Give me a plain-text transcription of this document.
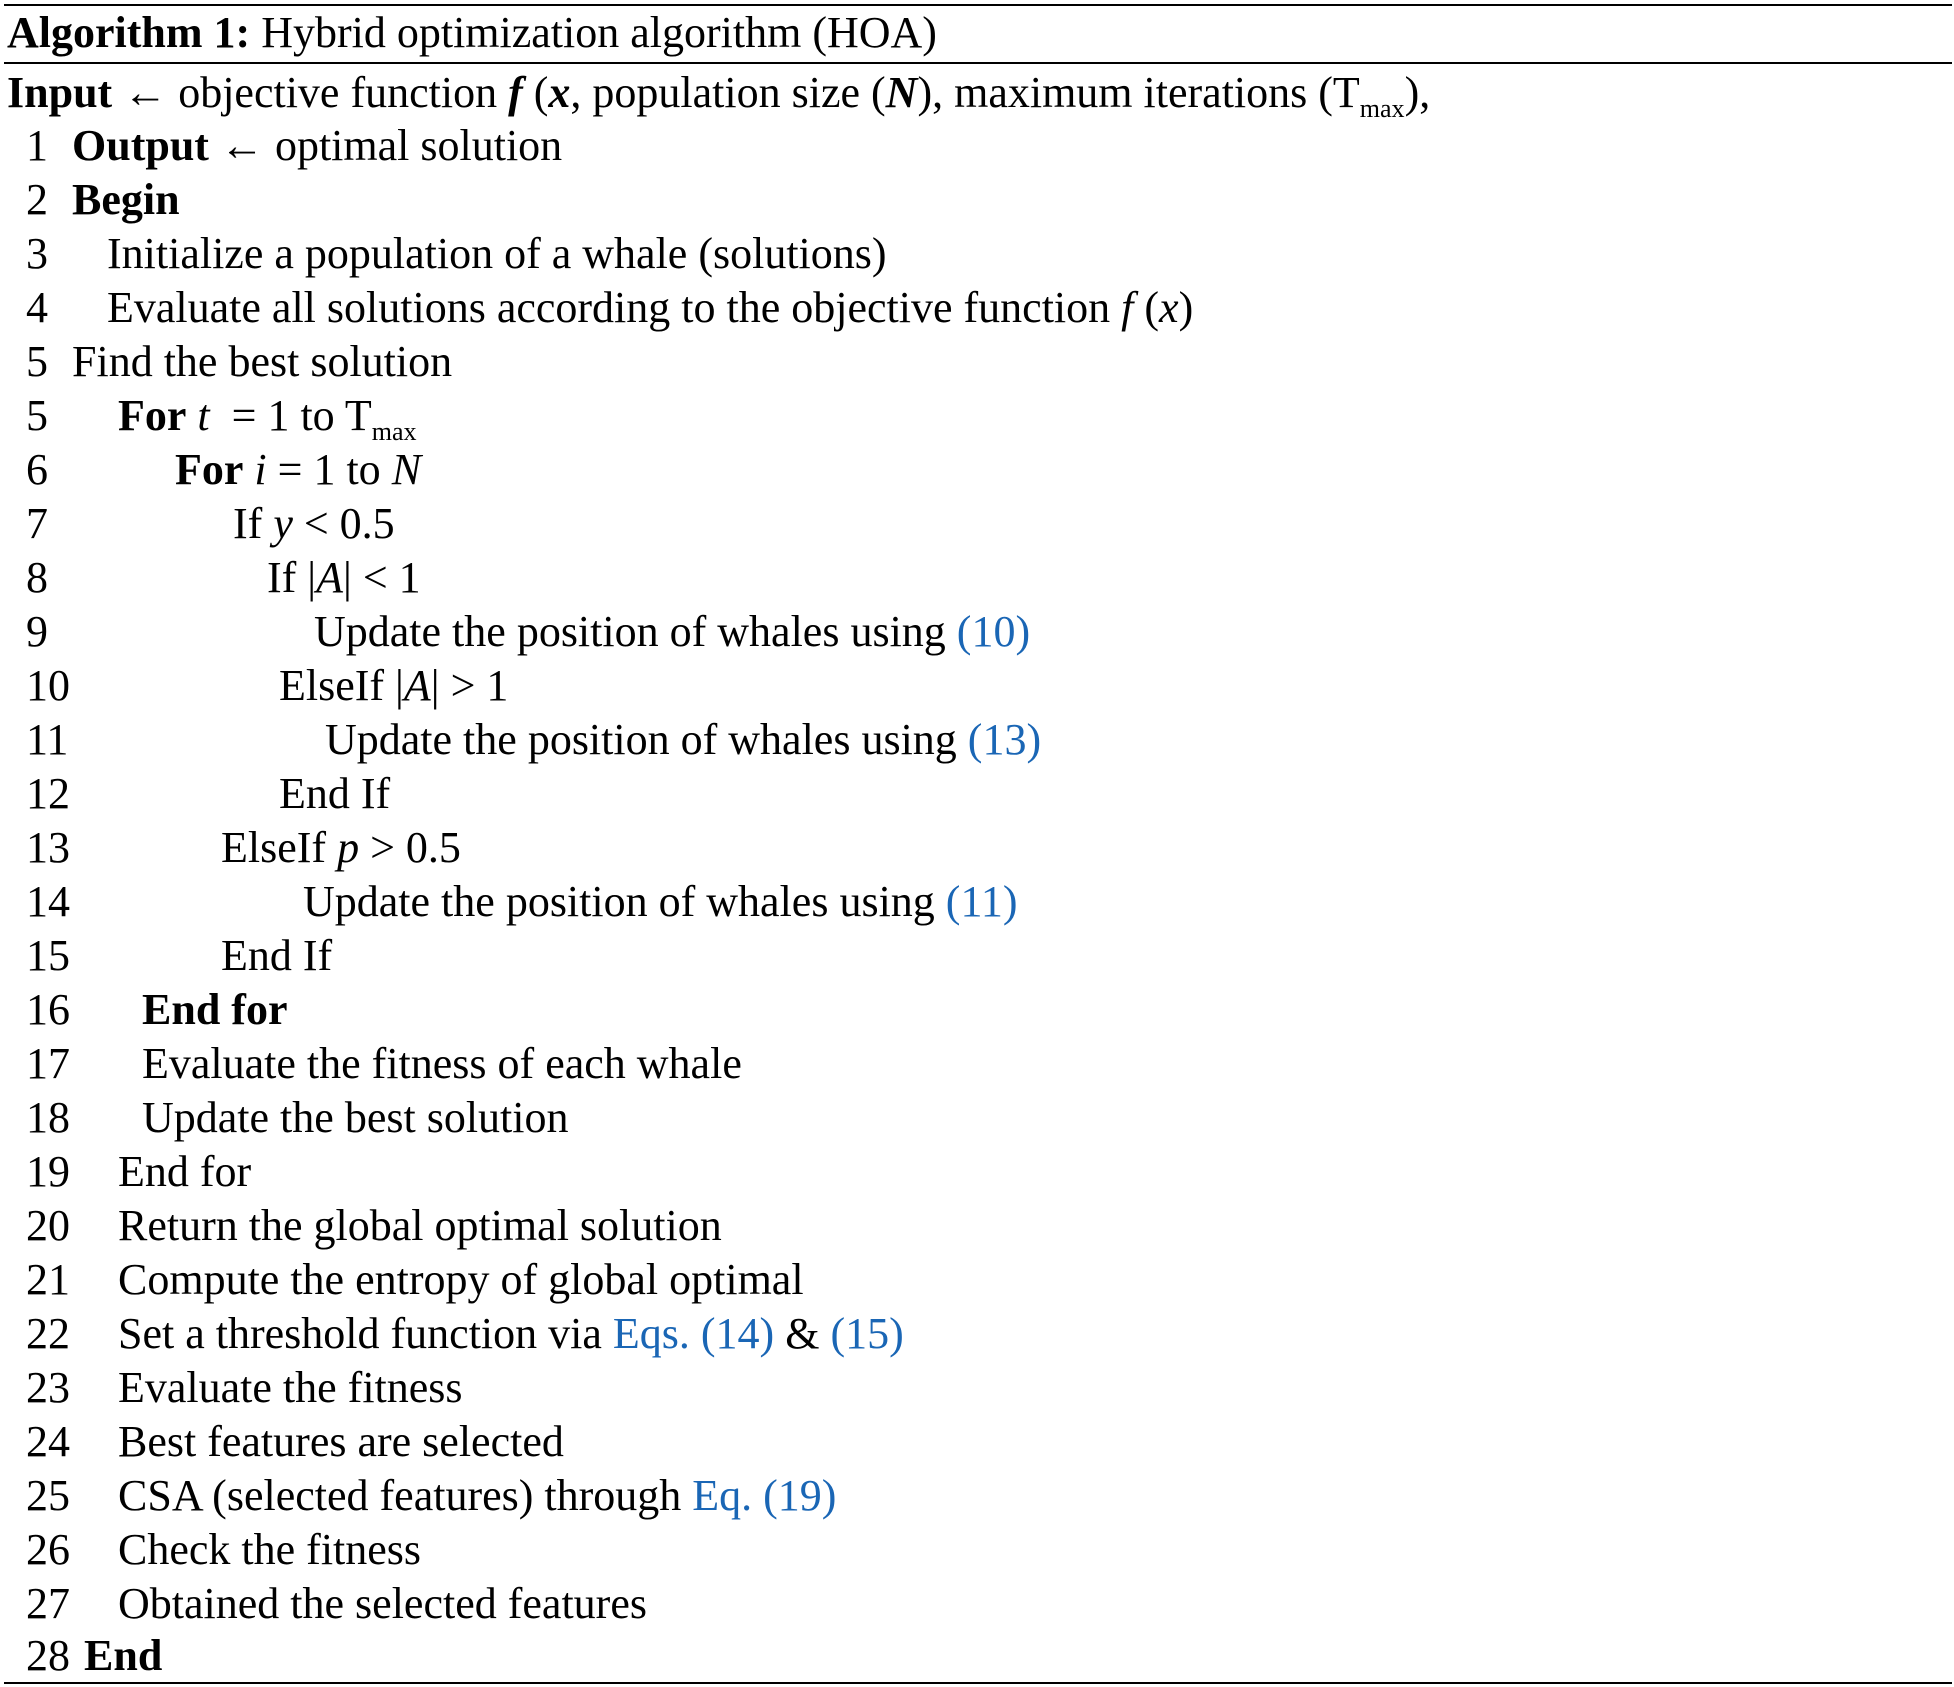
Algorithm 1: Hybrid optimization algorithm (HOA)
Input ← objective function f (x, population size (N), maximum iterations $(T_{max})$,
1 Output ← optimal solution
2 Begin
3 Initialize a population of a whale (solutions)
4 Evaluate all solutions according to the objective function f (x)
5 Find the best solution
5 For t = 1 to $T_{max}$
6	For i = 1 to N
7	If y < 0.5
8	If |A| < 1
9	Update the position of whales using (10)
10	ElseIf |A| > 1
11	Update the position of whales using (13)
12	End If
13	ElseIf p > 0.5
14	Update the position of whales using (11)
15	End If
16 End for
17 Evaluate the fitness of each whale
18 Update the best solution
19 End for
20 Return the global optimal solution
21 Compute the entropy of global optimal
22 Set a threshold function via Eqs. (14) & (15)
23 Evaluate the fitness
24 Best features are selected
25 CSA (selected features) through Eq. (19)
26 Check the fitness
27 Obtained the selected features
28 End
